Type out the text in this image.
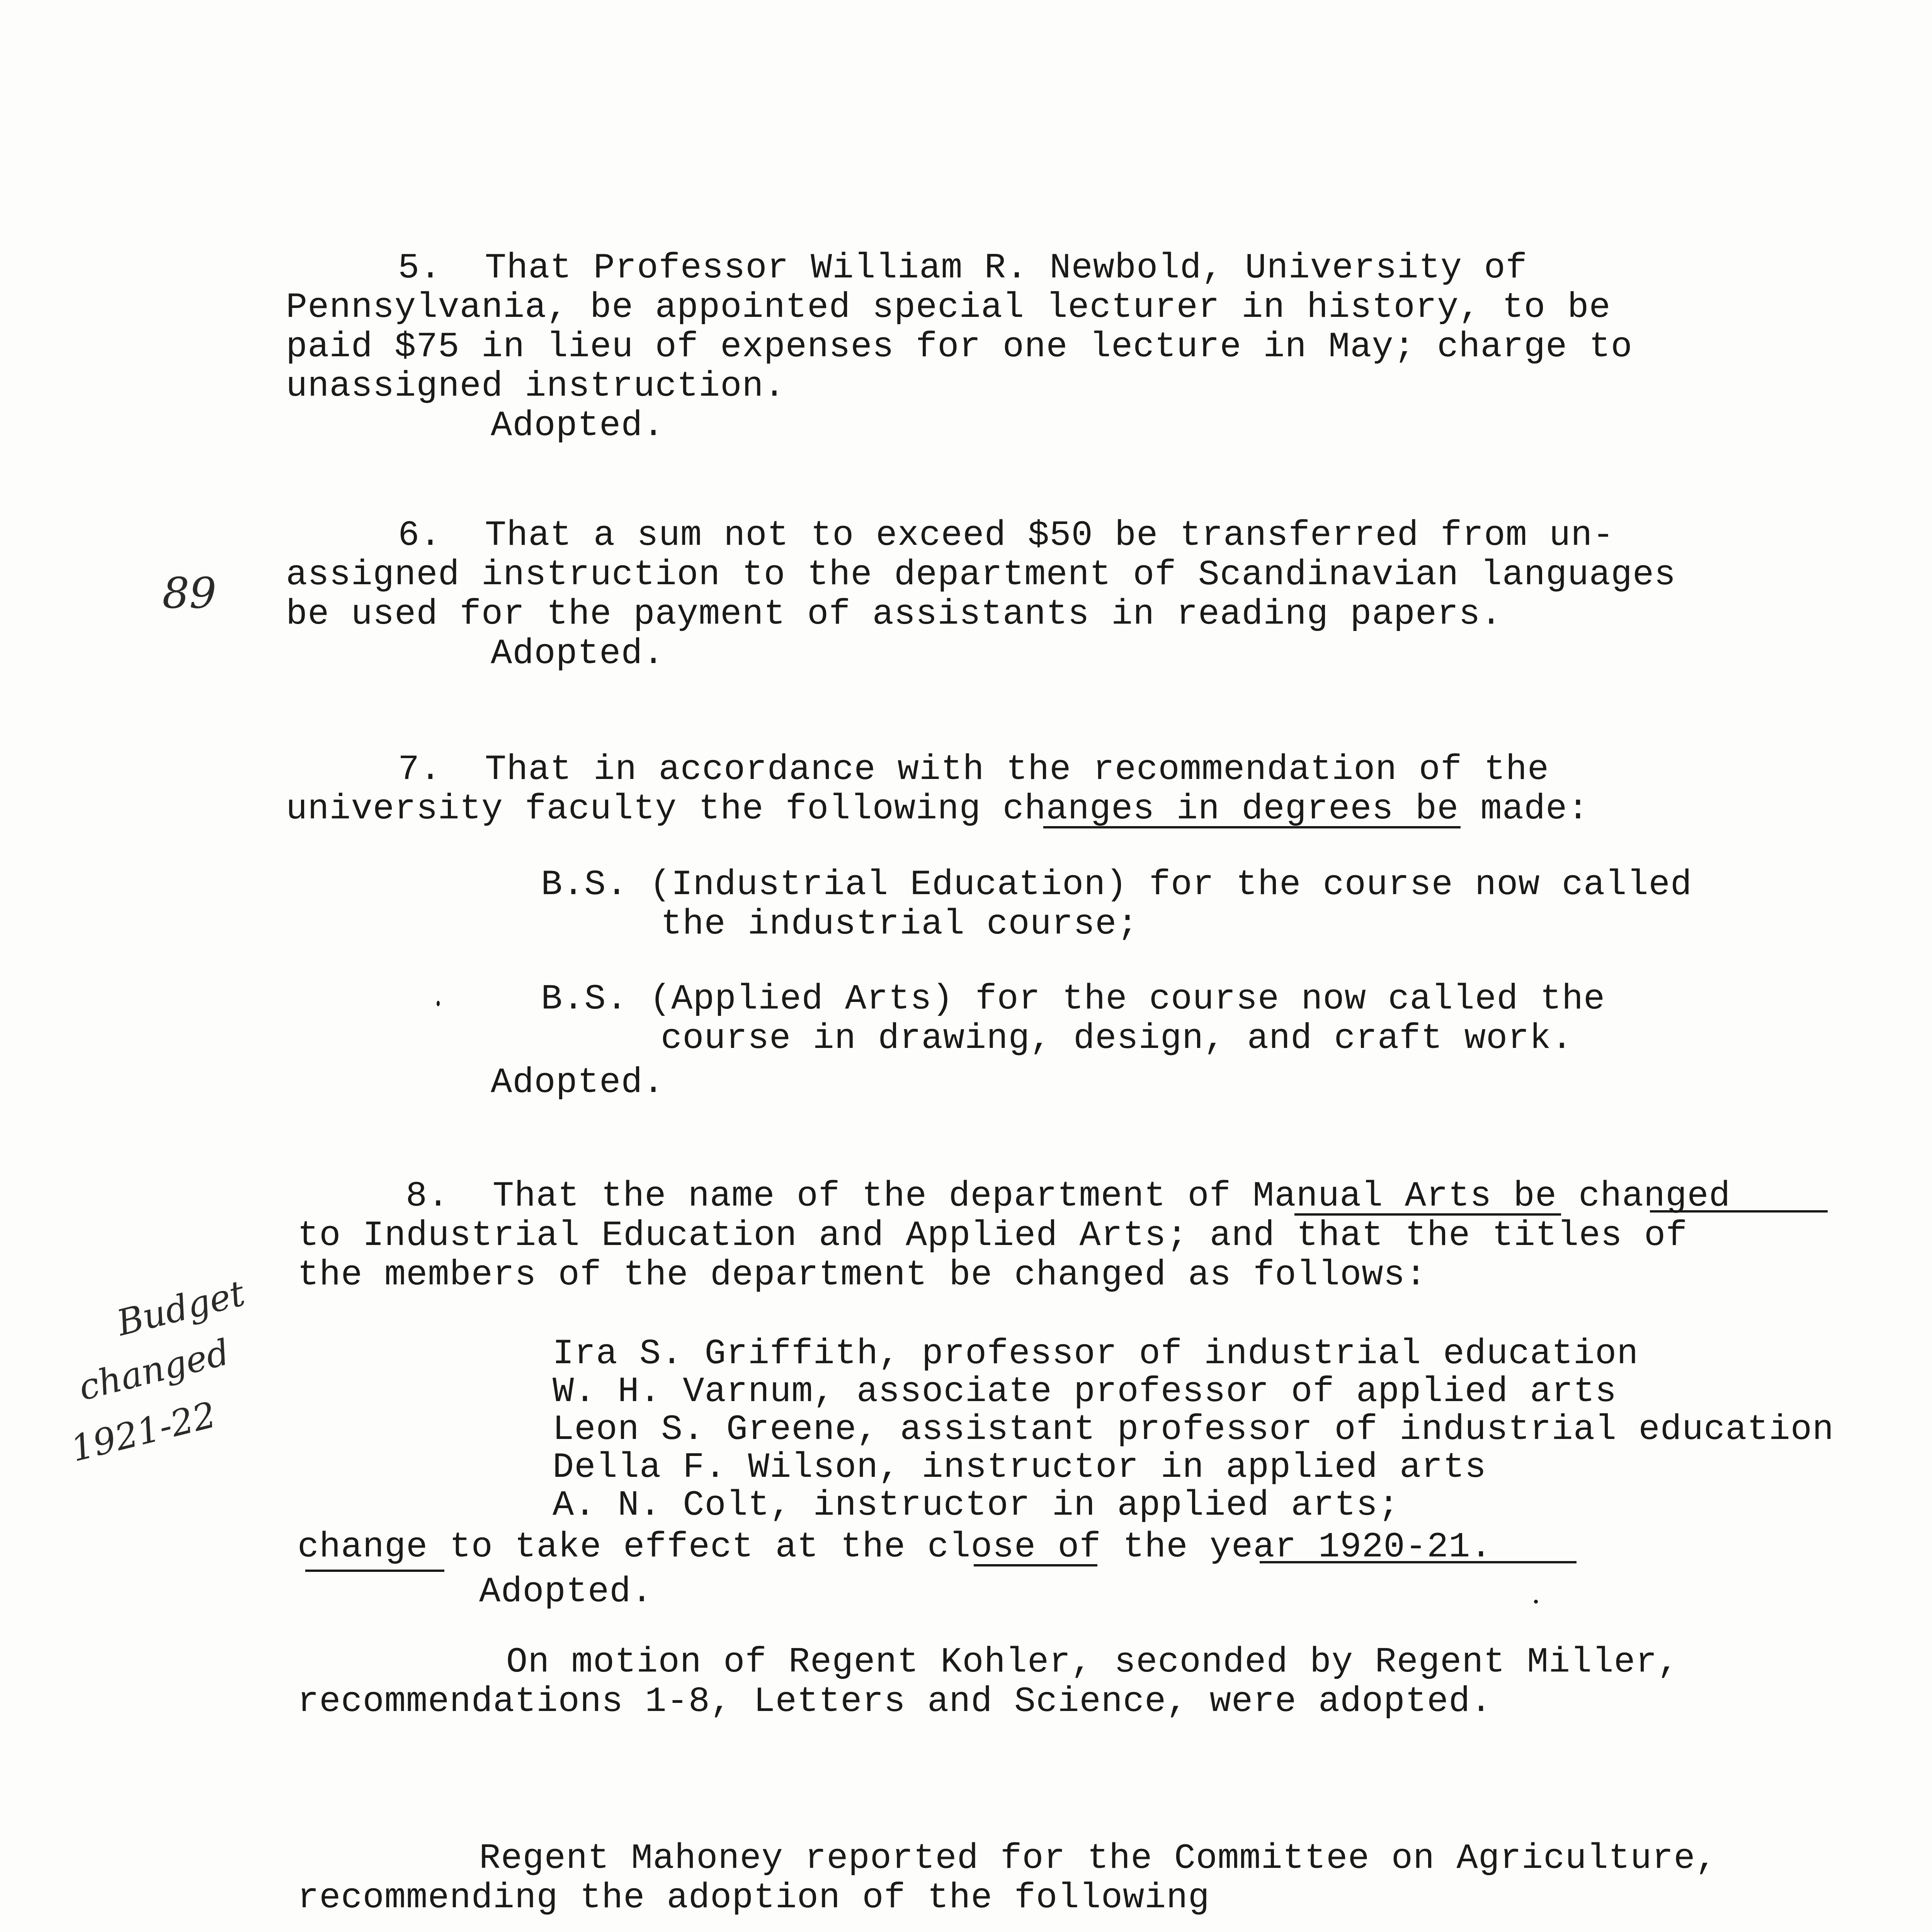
5.  That Professor William R. Newbold, University of
Pennsylvania, be appointed special lecturer in history, to be
paid $75 in lieu of expenses for one lecture in May; charge to
unassigned instruction.
Adopted.
6.  That a sum not to exceed $50 be transferred from un-
assigned instruction to the department of Scandinavian languages
be used for the payment of assistants in reading papers.
Adopted.
7.  That in accordance with the recommendation of the
university faculty the following changes in degrees be made:
B.S. (Industrial Education) for the course now called
the industrial course;
B.S. (Applied Arts) for the course now called the
course in drawing, design, and craft work.
Adopted.
8.  That the name of the department of Manual Arts be changed
to Industrial Education and Applied Arts; and that the titles of
the members of the department be changed as follows:
Ira S. Griffith, professor of industrial education
W. H. Varnum, associate professor of applied arts
Leon S. Greene, assistant professor of industrial education
Della F. Wilson, instructor in applied arts
A. N. Colt, instructor in applied arts;
change to take effect at the close of the year 1920-21.
Adopted.
On motion of Regent Kohler, seconded by Regent Miller,
recommendations 1-8, Letters and Science, were adopted.
Regent Mahoney reported for the Committee on Agriculture,
recommending the adoption of the following
89
Budget
changed
1921-22
